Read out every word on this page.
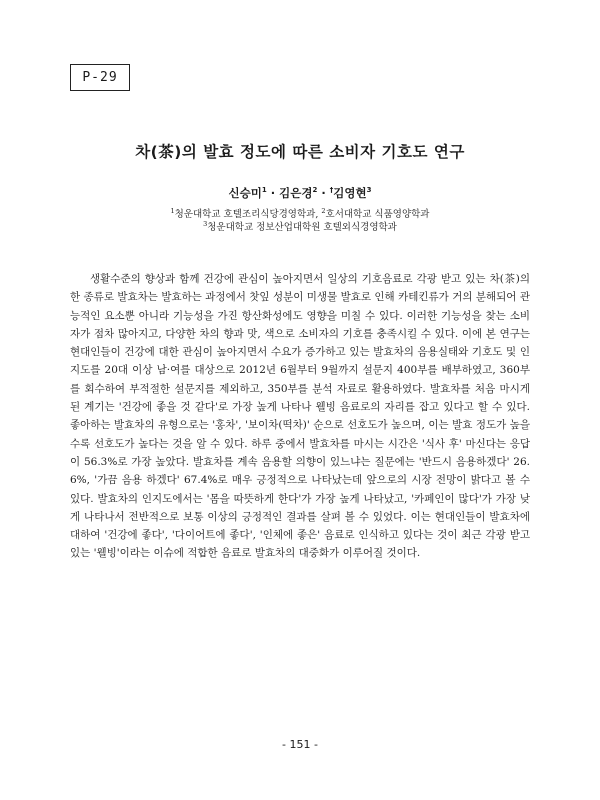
P-29
차(茶)의 발효 정도에 따른 소비자 기호도 연구
신승미$^1$ · 김은경$^2$ · †김영현$^3$
$^1$청운대학교 호텔조리식당경영학과, $^2$호서대학교 식품영양학과
$^3$청운대학교 정보산업대학원 호텔외식경영학과

생활수준의 향상과 함께 건강에 관심이 높아지면서 일상의 기호음료로 각광 받고 있는 차(茶)의 한 종류로 발효차는 발효하는 과정에서 찻잎 성분이 미생물 발효로 인해 카테킨류가 거의 분해되어 관능적인 요소뿐 아니라 기능성을 가진 항산화성에도 영향을 미칠 수 있다. 이러한 기능성을 찾는 소비자가 점차 많아지고, 다양한 차의 향과 맛, 색으로 소비자의 기호를 충족시킬 수 있다. 이에 본 연구는 현대인들이 건강에 대한 관심이 높아지면서 수요가 증가하고 있는 발효차의 음용실태와 기호도 및 인지도를 20대 이상 남·여를 대상으로 2012년 6월부터 9월까지 설문지 400부를 배부하였고, 360부를 회수하여 부적절한 설문지를 제외하고, 350부를 분석 자료로 활용하였다. 발효차를 처음 마시게 된 계기는 '건강에 좋을 것 같다'로 가장 높게 나타나 웰빙 음료로의 자리를 잡고 있다고 할 수 있다. 좋아하는 발효차의 유형으로는 '홍차', '보이차(떡차)' 순으로 선호도가 높으며, 이는 발효 정도가 높을수록 선호도가 높다는 것을 알 수 있다. 하루 중에서 발효차를 마시는 시간은 '식사 후' 마신다는 응답이 56.3%로 가장 높았다. 발효차를 계속 음용할 의향이 있느냐는 질문에는 '반드시 음용하겠다' 26.6%, '가끔 음용 하겠다' 67.4%로 매우 긍정적으로 나타났는데 앞으로의 시장 전망이 밝다고 볼 수 있다. 발효차의 인지도에서는 '몸을 따뜻하게 한다'가 가장 높게 나타났고, '카페인이 많다'가 가장 낮게 나타나서 전반적으로 보통 이상의 긍정적인 결과를 살펴 볼 수 있었다. 이는 현대인들이 발효차에 대하여 '건강에 좋다', '다이어트에 좋다', '인체에 좋은' 음료로 인식하고 있다는 것이 최근 각광 받고 있는 '웰빙'이라는 이슈에 적합한 음료로 발효차의 대중화가 이루어질 것이다.

- 151 -
